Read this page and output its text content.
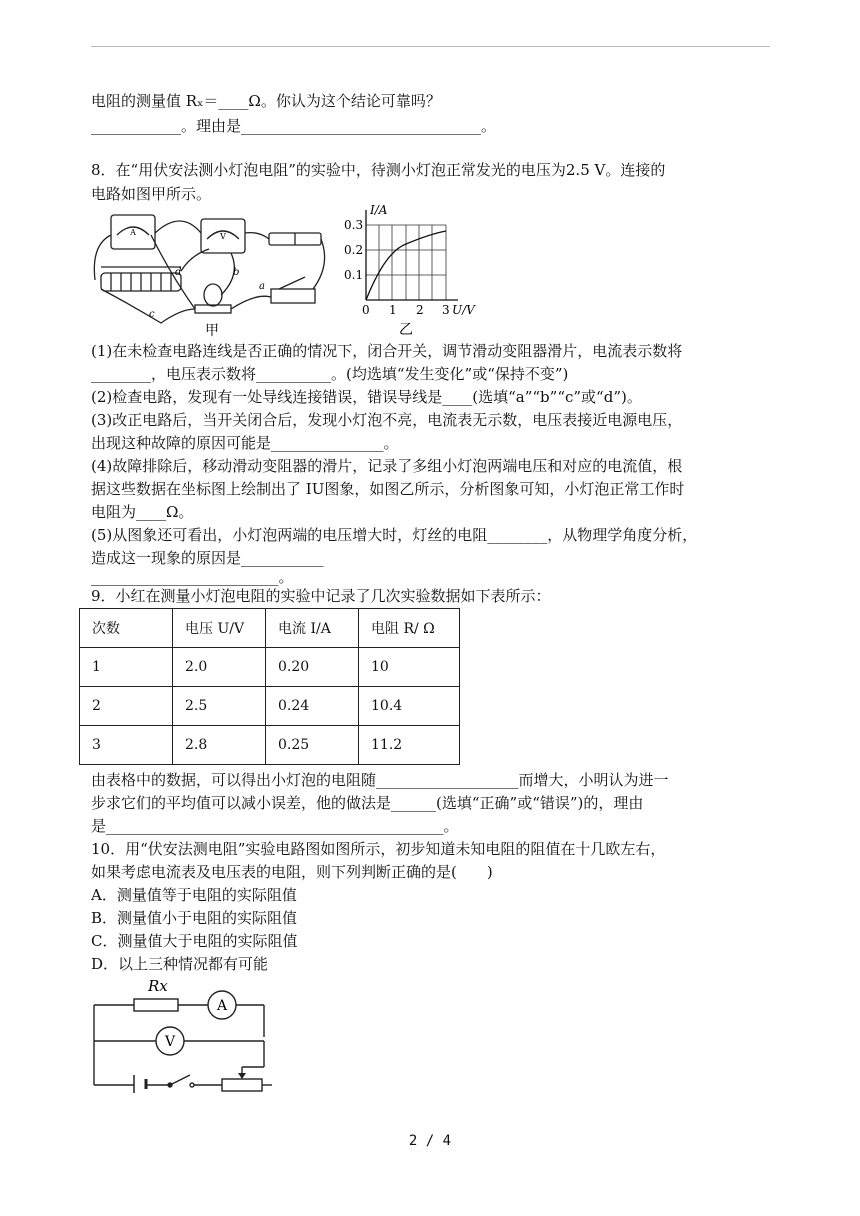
电阻的测量值 Rₓ＝____Ω。你认为这个结论可靠吗？
____________。理由是________________________________。
8．在“用伏安法测小灯泡电阻”的实验中，待测小灯泡正常发光的电压为2.5 V。连接的
电路如图甲所示。
A	V
a
b
c
d
甲
I/A
U/V
0.3
0.2
0.1
0 1 2 3
乙
(1)在未检查电路连线是否正确的情况下，闭合开关，调节滑动变阻器滑片，电流表示数将
________，电压表示数将__________。(均选填“发生变化”或“保持不变”)
(2)检查电路，发现有一处导线连接错误，错误导线是____(选填“a”“b”“c”或“d”)。
(3)改正电路后，当开关闭合后，发现小灯泡不亮，电流表无示数，电压表接近电源电压，
出现这种故障的原因可能是_______________。
(4)故障排除后，移动滑动变阻器的滑片，记录了多组小灯泡两端电压和对应的电流值，根
据这些数据在坐标图上绘制出了 IU图象，如图乙所示，分析图象可知，小灯泡正常工作时
电阻为____Ω。
(5)从图象还可看出，小灯泡两端的电压增大时，灯丝的电阻________，从物理学角度分析，
造成这一现象的原因是___________
_________________________。
9．小红在测量小灯泡电阻的实验中记录了几次实验数据如下表所示：
次数	电压 U/V	电流 I/A	电阻 R/ Ω
1	2.0	0.20	10
2	2.5	0.24	10.4
3	2.8	0.25	11.2
由表格中的数据，可以得出小灯泡的电阻随___________________而增大，小明认为进一
步求它们的平均值可以减小误差，他的做法是______(选填“正确”或“错误”)的，理由
是_____________________________________________。
10．用“伏安法测电阻”实验电路图如图所示，初步知道未知电阻的阻值在十几欧左右，
如果考虑电流表及电压表的电阻，则下列判断正确的是(　　)
A．测量值等于电阻的实际阻值
B．测量值小于电阻的实际阻值
C．测量值大于电阻的实际阻值
D．以上三种情况都有可能
Rx
A
V
2 / 4
